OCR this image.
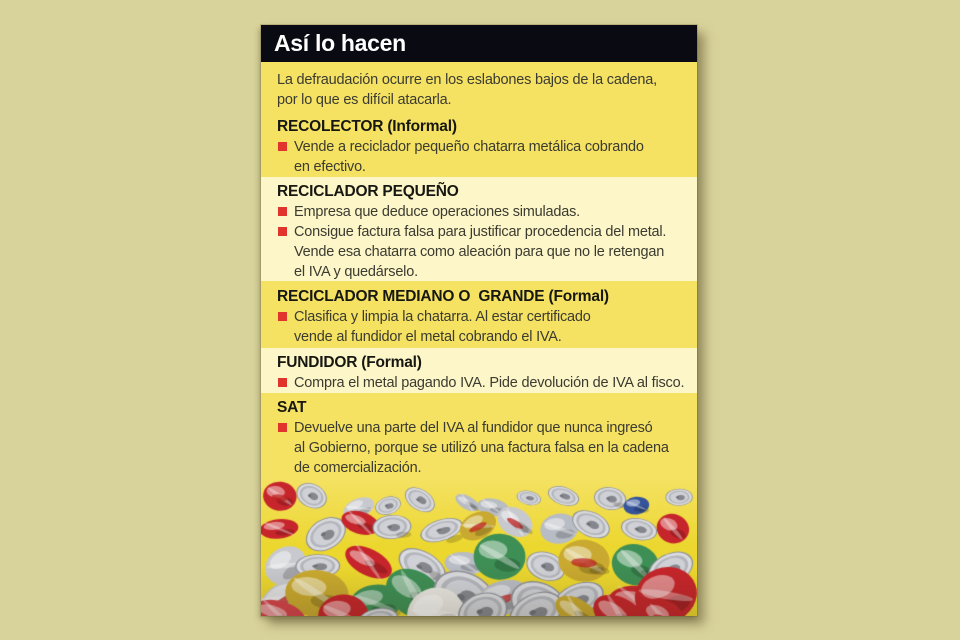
Así lo hacen
La defraudación ocurre en los eslabones bajos de la cadena,
por lo que es difícil atacarla.
RECOLECTOR (Informal)
Vende a reciclador pequeño chatarra metálica cobrando
en efectivo.
RECICLADOR PEQUEÑO
Empresa que deduce operaciones simuladas.
Consigue factura falsa para justificar procedencia del metal.
Vende esa chatarra como aleación para que no le retengan
el IVA y quedárselo.
RECICLADOR MEDIANO O  GRANDE (Formal)
Clasifica y limpia la chatarra. Al estar certificado
vende al fundidor el metal cobrando el IVA.
FUNDIDOR (Formal)
Compra el metal pagando IVA. Pide devolución de IVA al fisco.
SAT
Devuelve una parte del IVA al fundidor que nunca ingresó
al Gobierno, porque se utilizó una factura falsa en la cadena
de comercialización.
